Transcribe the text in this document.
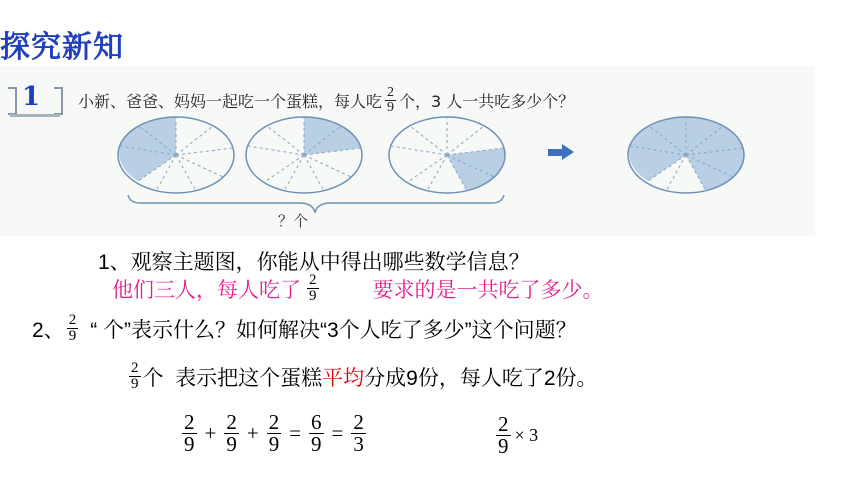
探究新知
1 小新、爸爸、妈妈一起吃一个蛋糕，每人吃 $\frac{2}{9}$ 个，3 人一共吃多少个？
？个
1、观察主题图，你能从中得出哪些数学信息？
他们三人，每人吃了 $\frac{2}{9}$	要求的是一共吃了多少。
2、 $\frac{2}{9}$ “ 个”表示什么？如何解决“3个人吃了多少”这个问题？
$\frac{2}{9}$ 个  表示把这个蛋糕 平均 分成9份，每人吃了2份。
$\frac{2}{9} + \frac{2}{9} + \frac{2}{9} = \frac{6}{9} = \frac{2}{3}$	$\frac{2}{9} \times 3$
